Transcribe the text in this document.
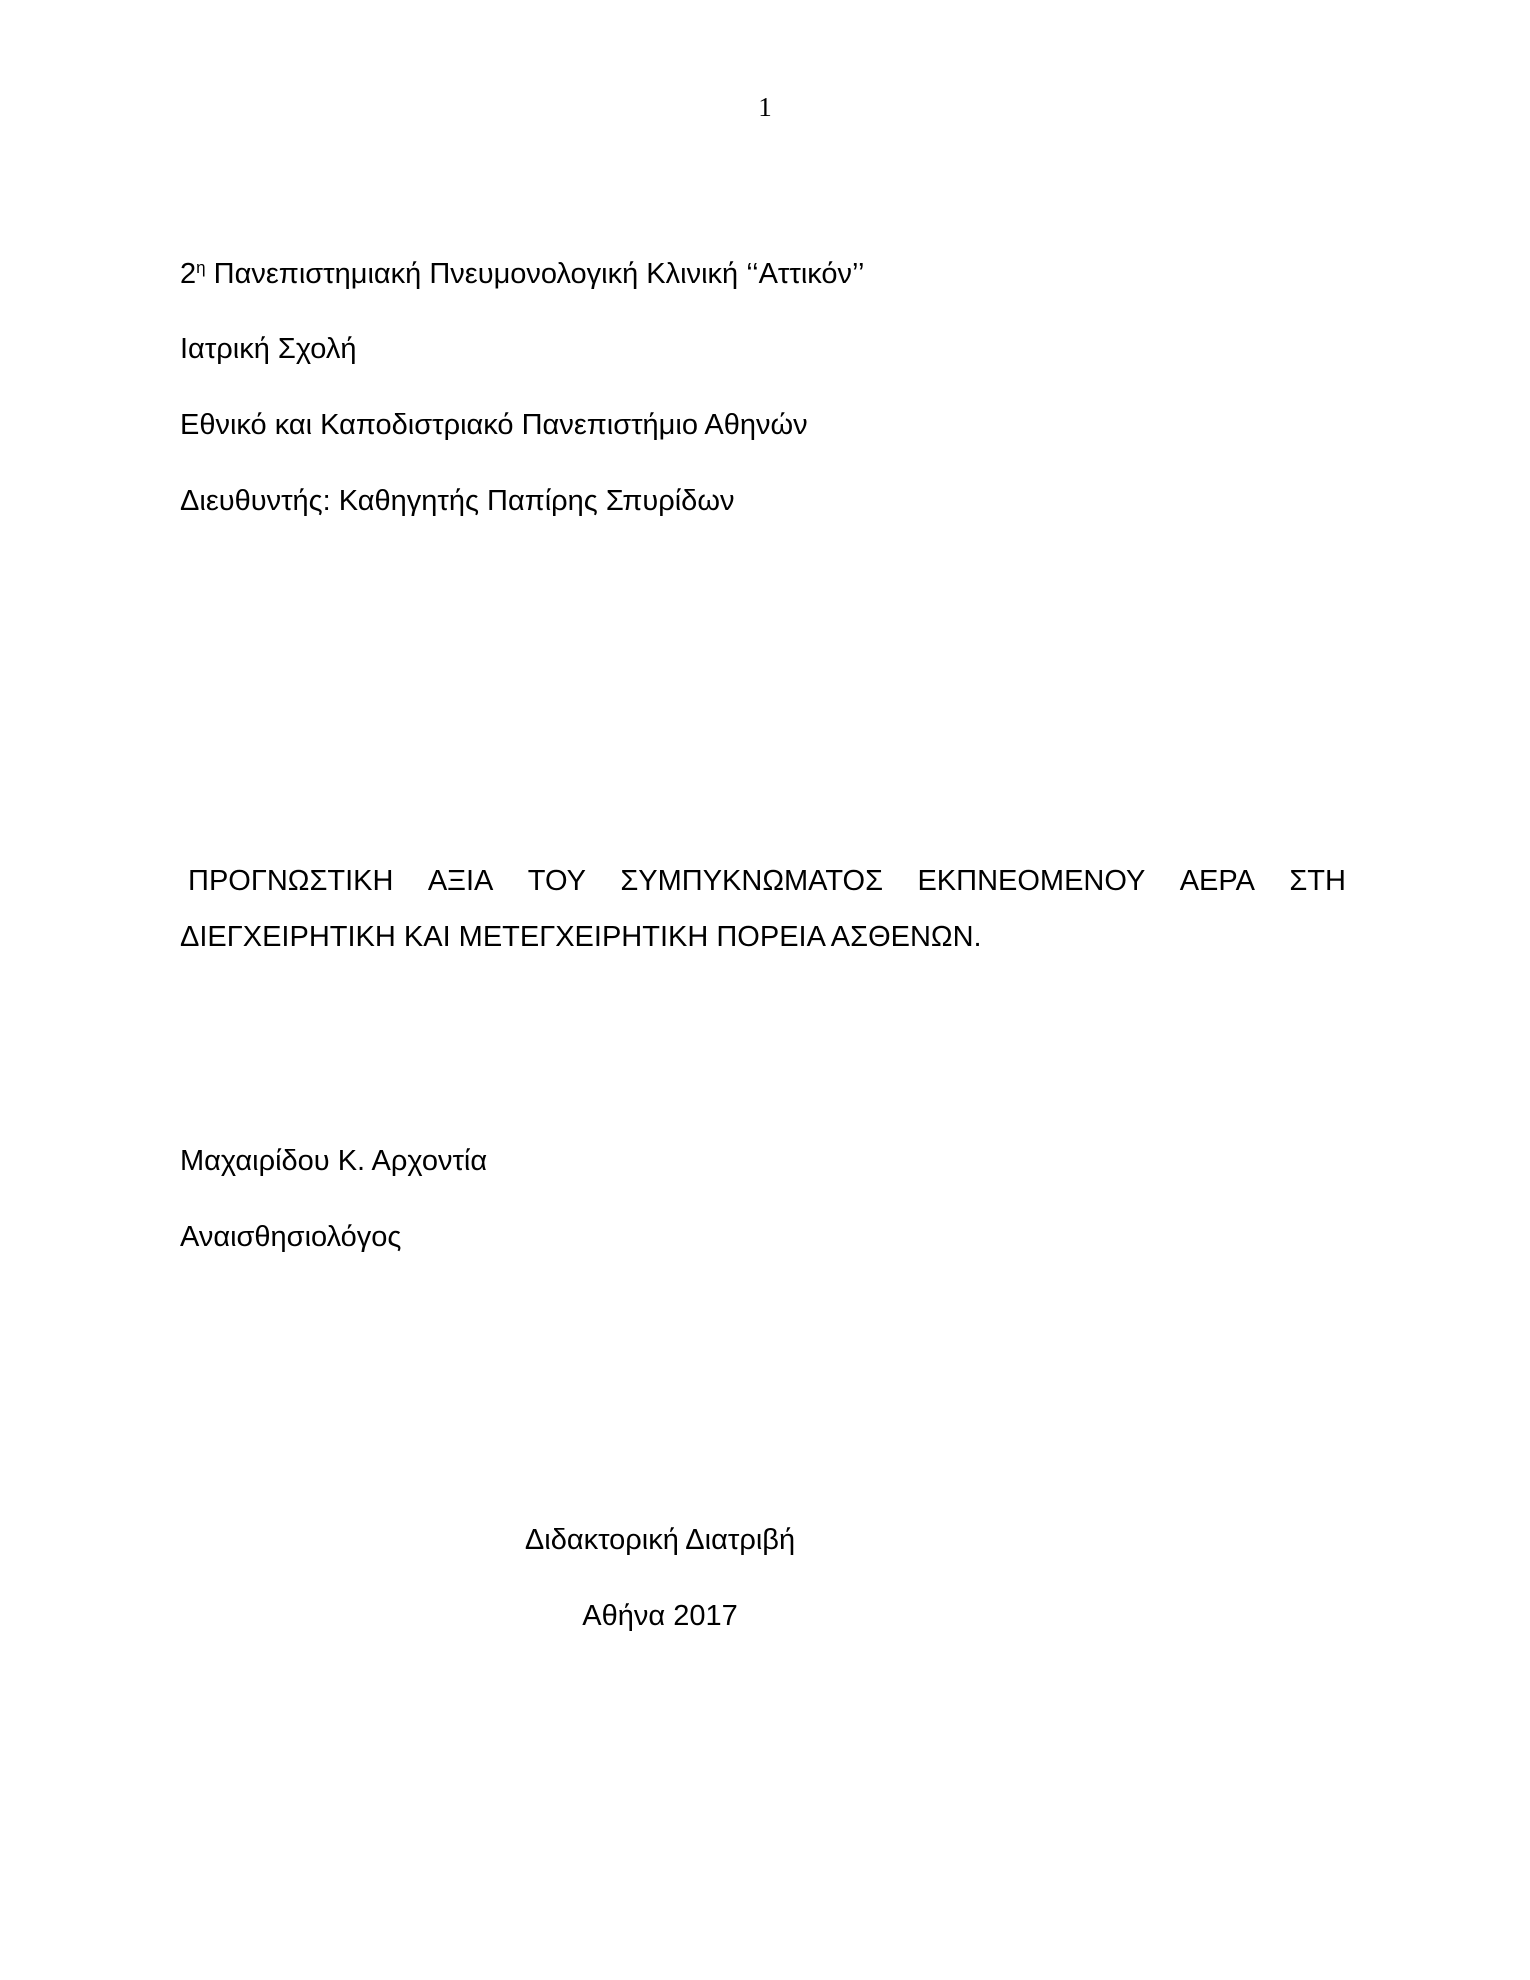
1
$2^\eta$ Πανεπιστημιακή Πνευμονολογική Κλινική ‘‘Αττικόν’’
Ιατρική Σχολή
Εθνικό και Καποδιστριακό Πανεπιστήμιο Αθηνών
Διευθυντής: Καθηγητής Παπίρης Σπυρίδων
ΠΡΟΓΝΩΣΤΙΚΗ ΑΞΙΑ ΤΟΥ ΣΥΜΠΥΚΝΩΜΑΤΟΣ ΕΚΠΝΕΟΜΕΝΟΥ ΑΕΡΑ ΣΤΗ
ΔΙΕΓΧΕΙΡΗΤΙΚΗ ΚΑΙ ΜΕΤΕΓΧΕΙΡΗΤΙΚΗ ΠΟΡΕΙΑ ΑΣΘΕΝΩΝ.
Μαχαιρίδου Κ. Αρχοντία
Αναισθησιολόγος
Διδακτορική Διατριβή
Αθήνα 2017
